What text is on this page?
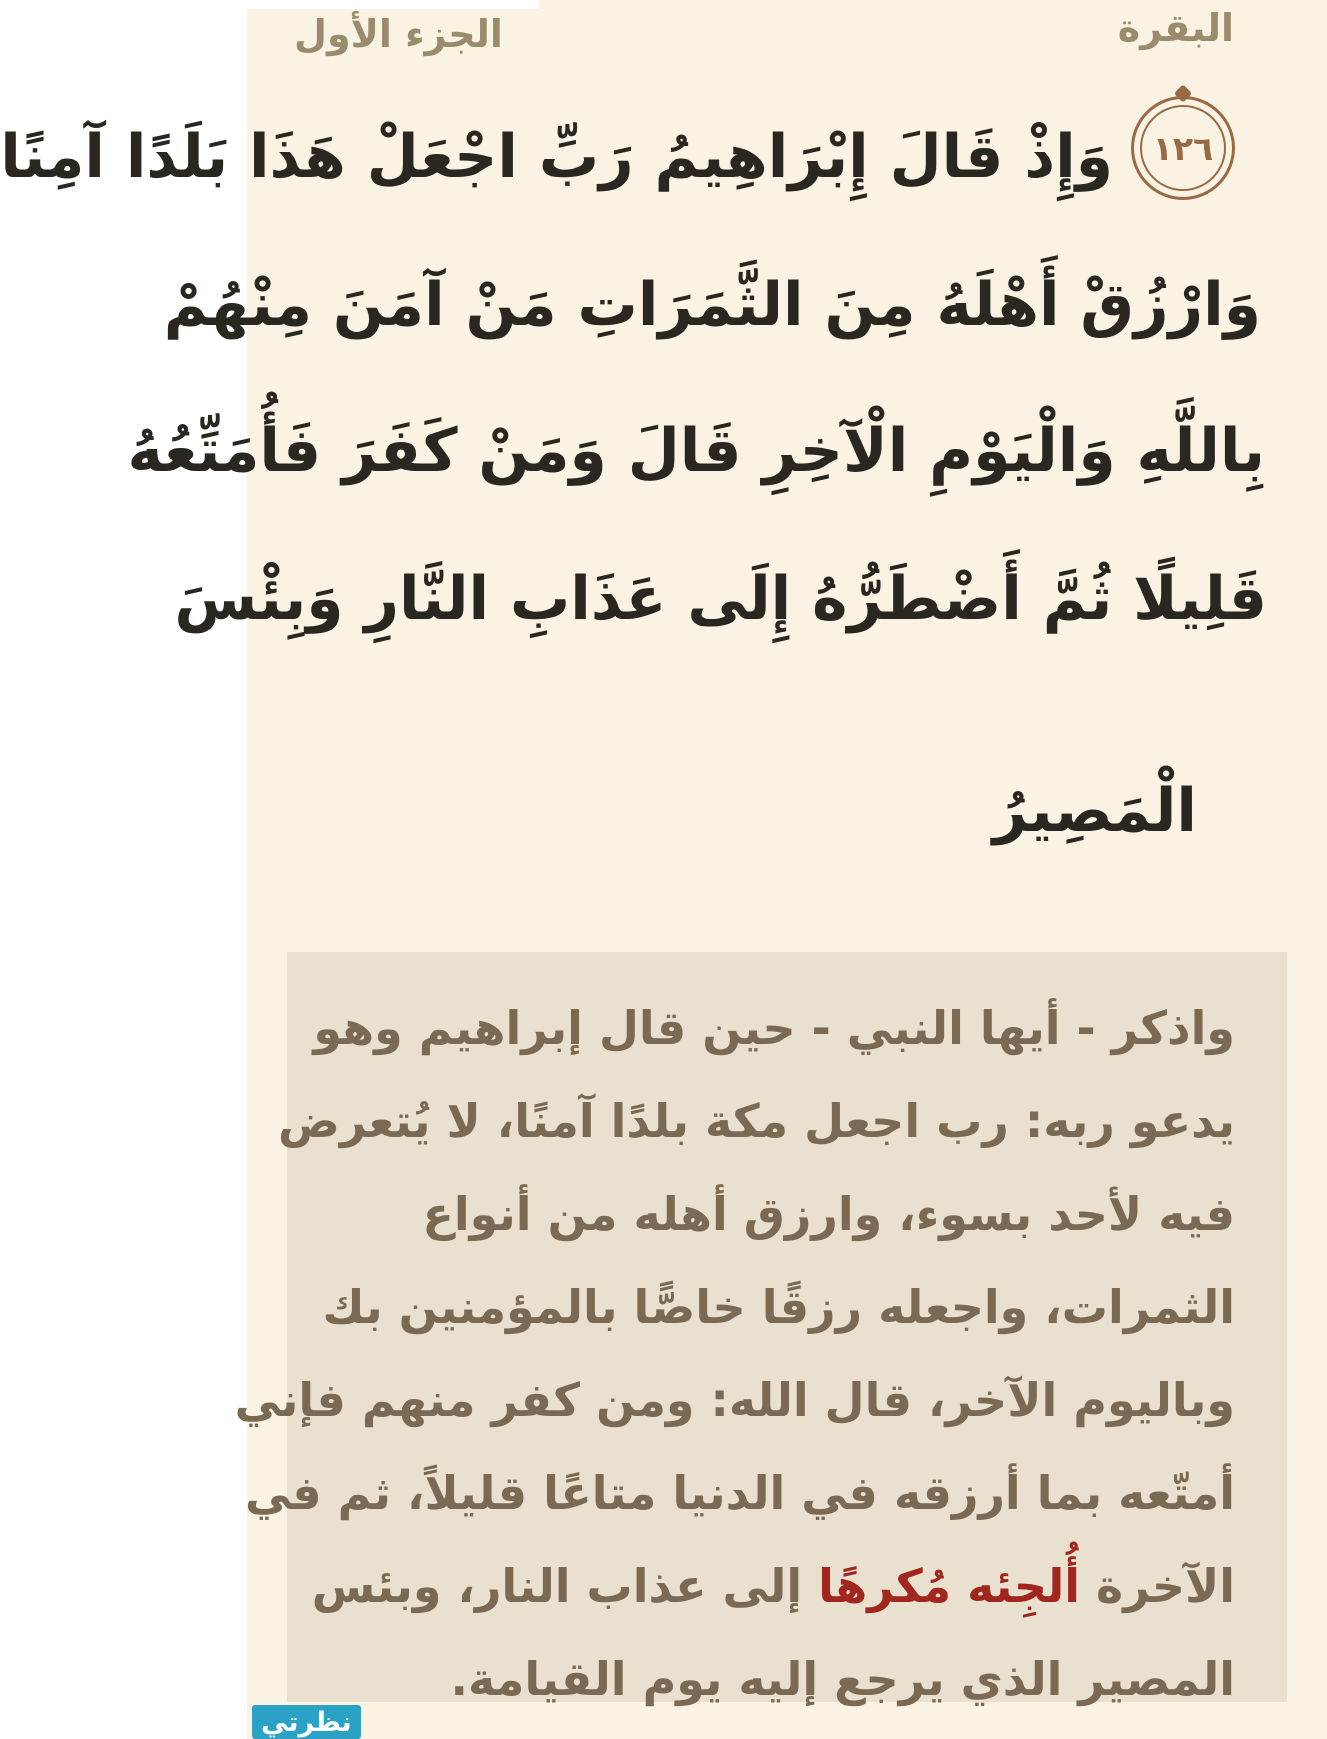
البقرة
الجزء الأول
١٢٦
وَإِذْ قَالَ إِبْرَاهِيمُ رَبِّ اجْعَلْ هَذَا بَلَدًا آمِنًا
وَارْزُقْ أَهْلَهُ مِنَ الثَّمَرَاتِ مَنْ آمَنَ مِنْهُمْ
بِاللَّهِ وَالْيَوْمِ الْآخِرِ قَالَ وَمَنْ كَفَرَ فَأُمَتِّعُهُ
قَلِيلًا ثُمَّ أَضْطَرُّهُ إِلَى عَذَابِ النَّارِ وَبِئْسَ
الْمَصِيرُ
واذكر - أيها النبي - حين قال إبراهيم وهو
يدعو ربه: رب اجعل مكة بلدًا آمنًا، لا يُتعرض
فيه لأحد بسوء، وارزق أهله من أنواع
الثمرات، واجعله رزقًا خاصًّا بالمؤمنين بك
وباليوم الآخر، قال الله: ومن كفر منهم فإني
أمتّعه بما أرزقه في الدنيا متاعًا قليلاً، ثم في
الآخرة أُلجِئه مُكرهًا إلى عذاب النار، وبئس
المصير الذي يرجع إليه يوم القيامة.
نظرتي
